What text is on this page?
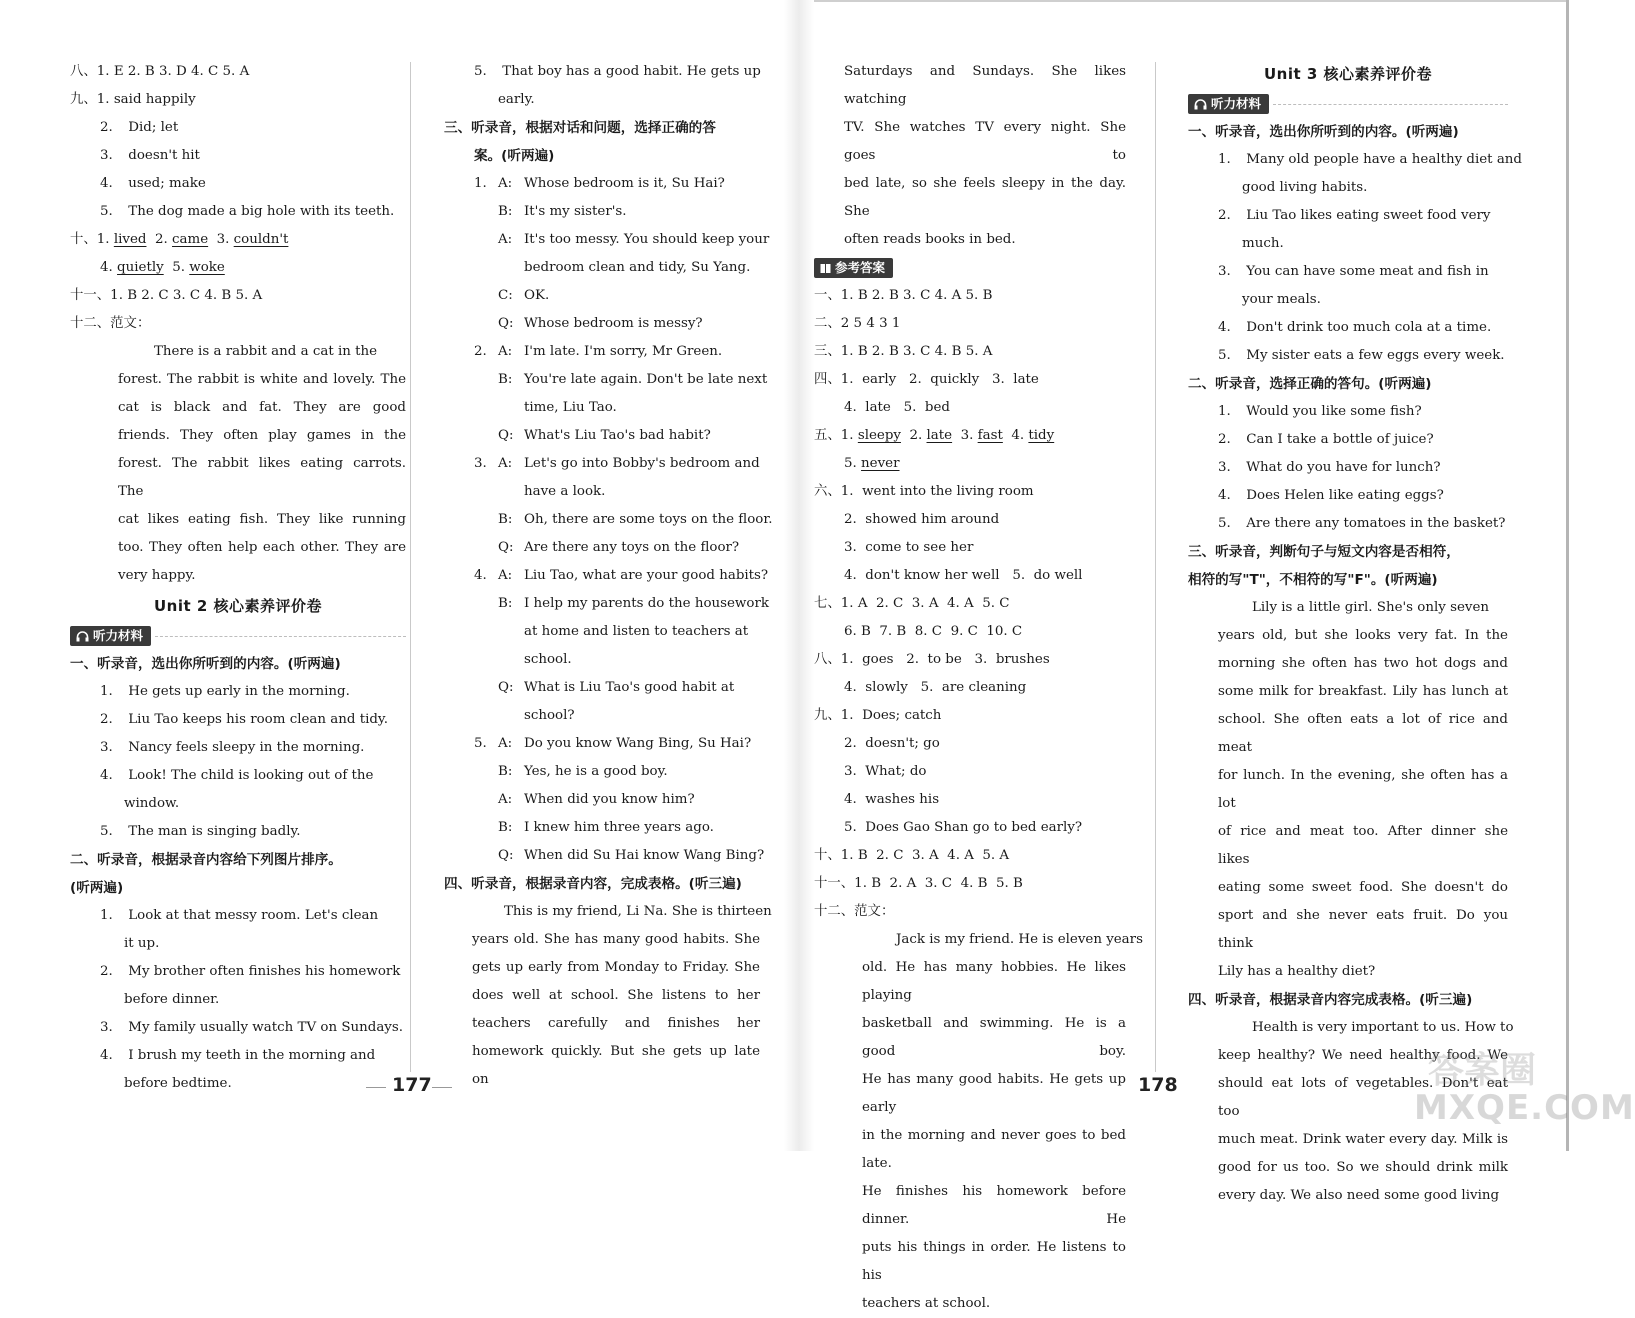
八、1. E 2. B 3. D 4. C 5. A
九、1. said happily
2. Did; let
3. doesn't hit
4. used; make
5. The dog made a big hole with its teeth.
十、1. lived  2. came  3. couldn't
4. quietly  5. woke
十一、1. B 2. C 3. C 4. B 5. A
十二、范文：
There is a rabbit and a cat in the
forest. The rabbit is white and lovely. The
cat is black and fat. They are good
friends. They often play games in the
forest. The rabbit likes eating carrots. The
cat likes eating fish. They like running
too. They often help each other. They are
very happy.
Unit 2 核心素养评价卷
听力材料
一、听录音，选出你所听到的内容。(听两遍)
1. He gets up early in the morning.
2. Liu Tao keeps his room clean and tidy.
3. Nancy feels sleepy in the morning.
4. Look! The child is looking out of the
window.
5. The man is singing badly.
二、听录音，根据录音内容给下列图片排序。
(听两遍)
1. Look at that messy room. Let's clean
it up.
2. My brother often finishes his homework
before dinner.
3. My family usually watch TV on Sundays.
4. I brush my teeth in the morning and
before bedtime.
5. That boy has a good habit. He gets up
early.
三、听录音，根据对话和问题，选择正确的答
案。(听两遍)
1. A: Whose bedroom is it, Su Hai?
B: It's my sister's.
A: It's too messy. You should keep your
bedroom clean and tidy, Su Yang.
C: OK.
Q: Whose bedroom is messy?
2. A: I'm late. I'm sorry, Mr Green.
B: You're late again. Don't be late next
time, Liu Tao.
Q: What's Liu Tao's bad habit?
3. A: Let's go into Bobby's bedroom and
have a look.
B: Oh, there are some toys on the floor.
Q: Are there any toys on the floor?
4. A: Liu Tao, what are your good habits?
B: I help my parents do the housework
at home and listen to teachers at
school.
Q: What is Liu Tao's good habit at
school?
5. A: Do you know Wang Bing, Su Hai?
B: Yes, he is a good boy.
A: When did you know him?
B: I knew him three years ago.
Q: When did Su Hai know Wang Bing?
四、听录音，根据录音内容，完成表格。(听三遍)
This is my friend, Li Na. She is thirteen
years old. She has many good habits. She
gets up early from Monday to Friday. She
does well at school. She listens to her
teachers carefully and finishes her
homework quickly. But she gets up late on
Saturdays and Sundays. She likes watching
TV. She watches TV every night. She goes to
bed late, so she feels sleepy in the day. She
often reads books in bed.
参考答案
一、1. B 2. B 3. C 4. A 5. B
二、2 5 4 3 1
三、1. B 2. B 3. C 4. B 5. A
四、1.  early   2.  quickly   3.  late
4.  late   5.  bed
五、1. sleepy  2. late  3. fast  4. tidy
5. never
六、1.  went into the living room
2.  showed him around
3.  come to see her
4.  don't know her well   5.  do well
七、1. A  2. C  3. A  4. A  5. C
6. B  7. B  8. C  9. C  10. C
八、1.  goes   2.  to be   3.  brushes
4.  slowly   5.  are cleaning
九、1.  Does; catch
2.  doesn't; go
3.  What; do
4.  washes his
5.  Does Gao Shan go to bed early?
十、1. B  2. C  3. A  4. A  5. A
十一、1. B  2. A  3. C  4. B  5. B
十二、范文：
Jack is my friend. He is eleven years
old. He has many hobbies. He likes playing
basketball and swimming. He is a good boy.
He has many good habits. He gets up early
in the morning and never goes to bed late.
He finishes his homework before dinner. He
puts his things in order. He listens to his
teachers at school.
Unit 3 核心素养评价卷
听力材料
一、听录音，选出你所听到的内容。(听两遍)
1. Many old people have a healthy diet and
good living habits.
2. Liu Tao likes eating sweet food very
much.
3. You can have some meat and fish in
your meals.
4. Don't drink too much cola at a time.
5. My sister eats a few eggs every week.
二、听录音，选择正确的答句。(听两遍)
1. Would you like some fish?
2. Can I take a bottle of juice?
3. What do you have for lunch?
4. Does Helen like eating eggs?
5. Are there any tomatoes in the basket?
三、听录音，判断句子与短文内容是否相符，
相符的写"T"，不相符的写"F"。(听两遍)
Lily is a little girl. She's only seven
years old, but she looks very fat. In the
morning she often has two hot dogs and
some milk for breakfast. Lily has lunch at
school. She often eats a lot of rice and meat
for lunch. In the evening, she often has a lot
of rice and meat too. After dinner she likes
eating some sweet food. She doesn't do
sport and she never eats fruit. Do you think
Lily has a healthy diet?
四、听录音，根据录音内容完成表格。(听三遍)
Health is very important to us. How to
keep healthy? We need healthy food. We
should eat lots of vegetables. Don't eat too
much meat. Drink water every day. Milk is
good for us too. So we should drink milk
every day. We also need some good living
177	178	答案圈
MXQE.COM
